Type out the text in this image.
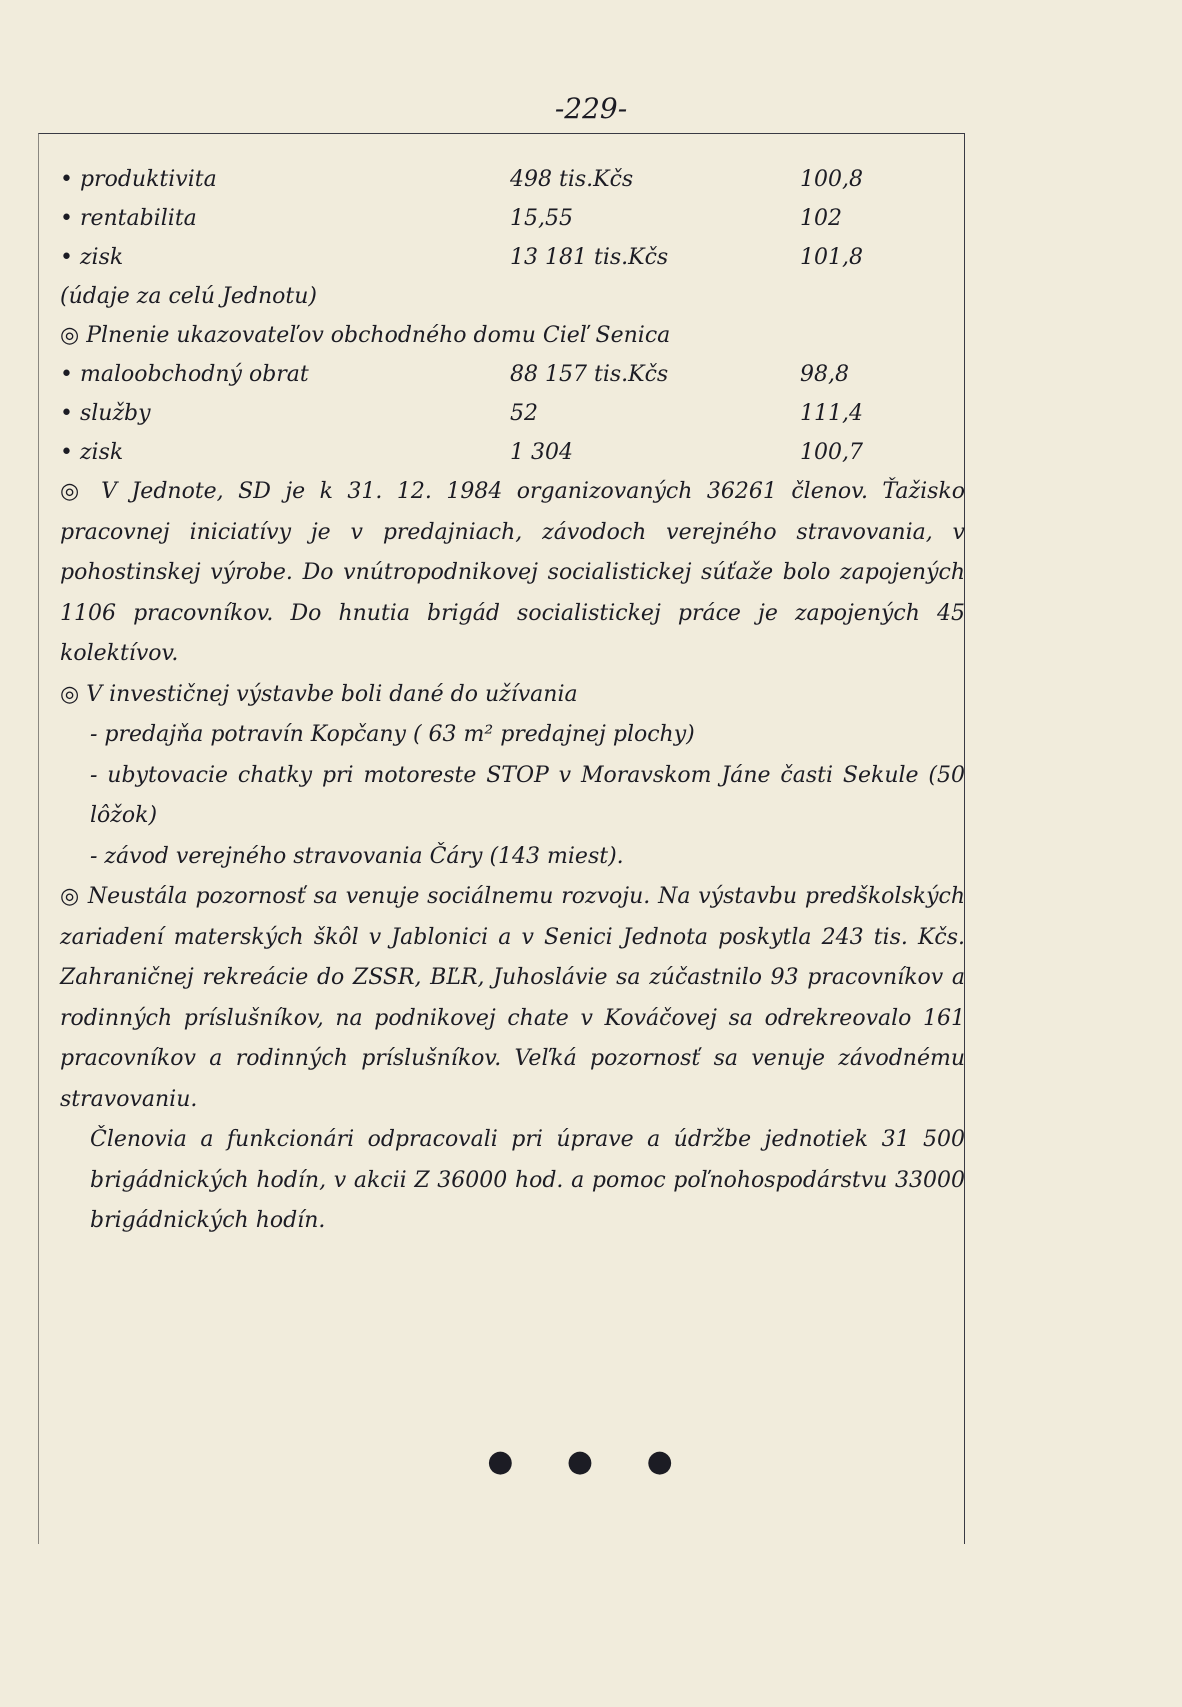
-229-
• produktivita	498 tis.Kčs	100,8
• rentabilita	15,55	102
• zisk	13 181 tis.Kčs	101,8
(údaje za celú Jednotu)
◎ Plnenie ukazovateľov obchodného domu Cieľ Senica
• maloobchodný obrat	88 157 tis.Kčs	98,8
• služby	52	111,4
• zisk	1 304	100,7

◎ V Jednote, SD je k 31. 12. 1984 organizovaných 36261 členov. Ťažisko pracovnej iniciatívy je v predajniach, závodoch verejného stravovania, v pohostinskej výrobe. Do vnútropodnikovej socialistickej súťaže bolo zapojených 1106 pracovníkov. Do hnutia brigád socialistickej práce je zapojených 45 kolektívov.

◎ V investičnej výstavbe boli dané do užívania

- predajňa potravín Kopčany ( 63 m² predajnej plochy)

- ubytovacie chatky pri motoreste STOP v Moravskom Jáne časti Sekule (50 lôžok)

- závod verejného stravovania Čáry (143 miest).

◎ Neustála pozornosť sa venuje sociálnemu rozvoju. Na výstavbu predškolských zariadení materských škôl v Jablonici a v Senici Jednota poskytla 243 tis. Kčs. Zahraničnej rekreácie do ZSSR, BĽR, Juhoslávie sa zúčastnilo 93 pracovníkov a rodinných príslušníkov, na podnikovej chate v Kováčovej sa odrekreovalo 161 pracovníkov a rodinných príslušníkov. Veľká pozornosť sa venuje závodnému stravovaniu.

Členovia a funkcionári odpracovali pri úprave a údržbe jednotiek 31 500 brigádnických hodín, v akcii Z 36000 hod. a pomoc poľnohospodárstvu 33000 brigádnických hodín.

● ● ●
